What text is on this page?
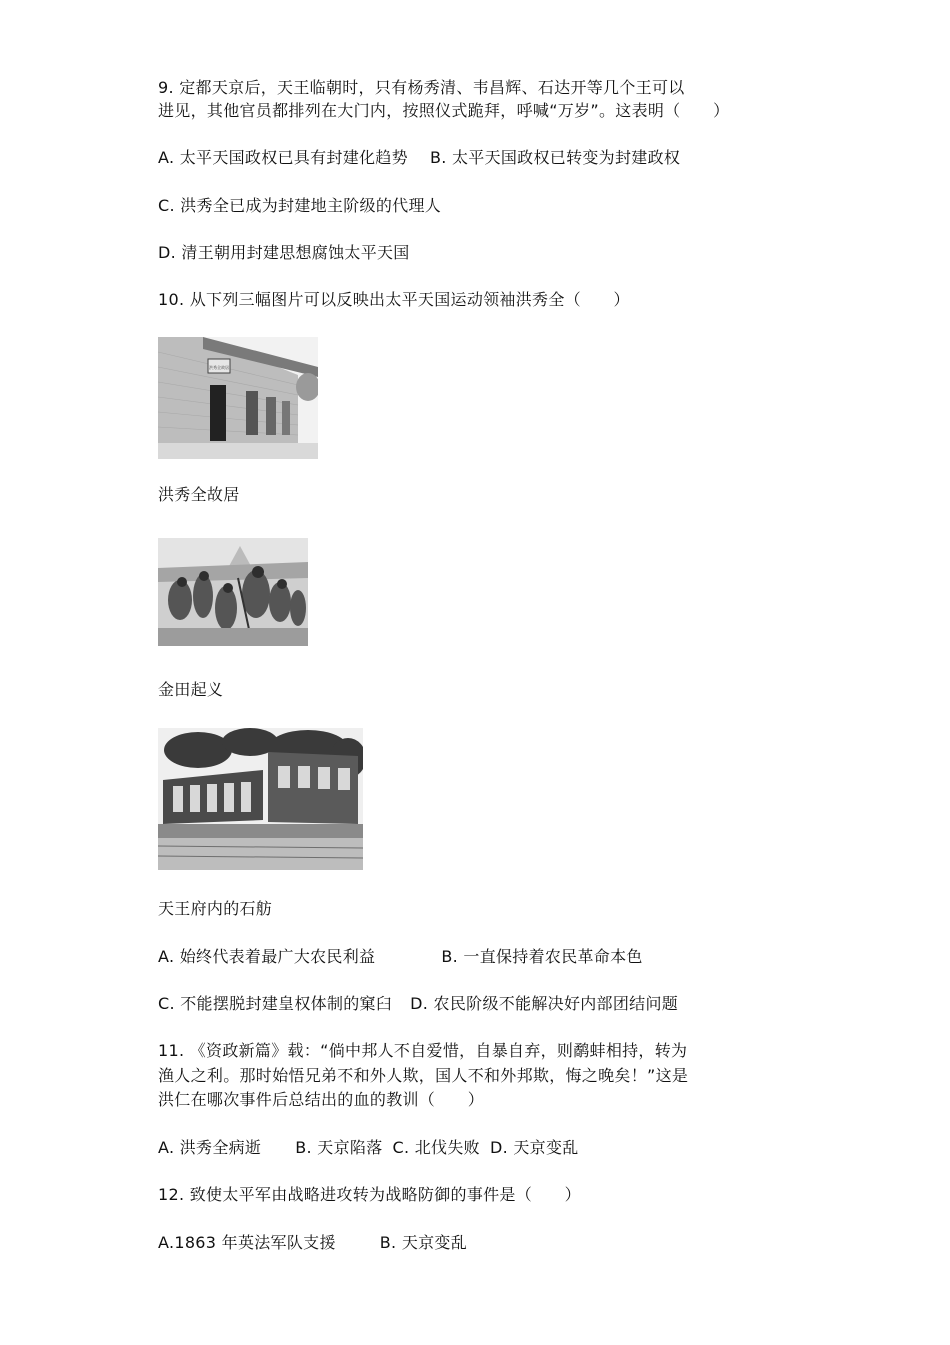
9. 定都天京后，天王临朝时，只有杨秀清、韦昌辉、石达开等几个王可以
进见，其他官员都排列在大门内，按照仪式跪拜，呼喊“万岁”。这表明（　　）
A. 太平天国政权已具有封建化趋势 B. 太平天国政权已转变为封建政权
C. 洪秀全已成为封建地主阶级的代理人
D. 清王朝用封建思想腐蚀太平天国
10. 从下列三幅图片可以反映出太平天国运动领袖洪秀全（　　）
洪秀全故居
洪秀全故居
金田起义
天王府内的石舫
A. 始终代表着最广大农民利益	B. 一直保持着农民革命本色
C. 不能摆脱封建皇权体制的窠臼 D. 农民阶级不能解决好内部团结问题
11. 《资政新篇》载：“倘中邦人不自爱惜，自暴自弃，则鹬蚌相持，转为
渔人之利。那时始悟兄弟不和外人欺，国人不和外邦欺，悔之晚矣！”这是
洪仁在哪次事件后总结出的血的教训（　　）
A. 洪秀全病逝 B. 天京陷落 C. 北伐失败 D. 天京变乱
12. 致使太平军由战略进攻转为战略防御的事件是（　　）
A.1863 年英法军队支援	B. 天京变乱
